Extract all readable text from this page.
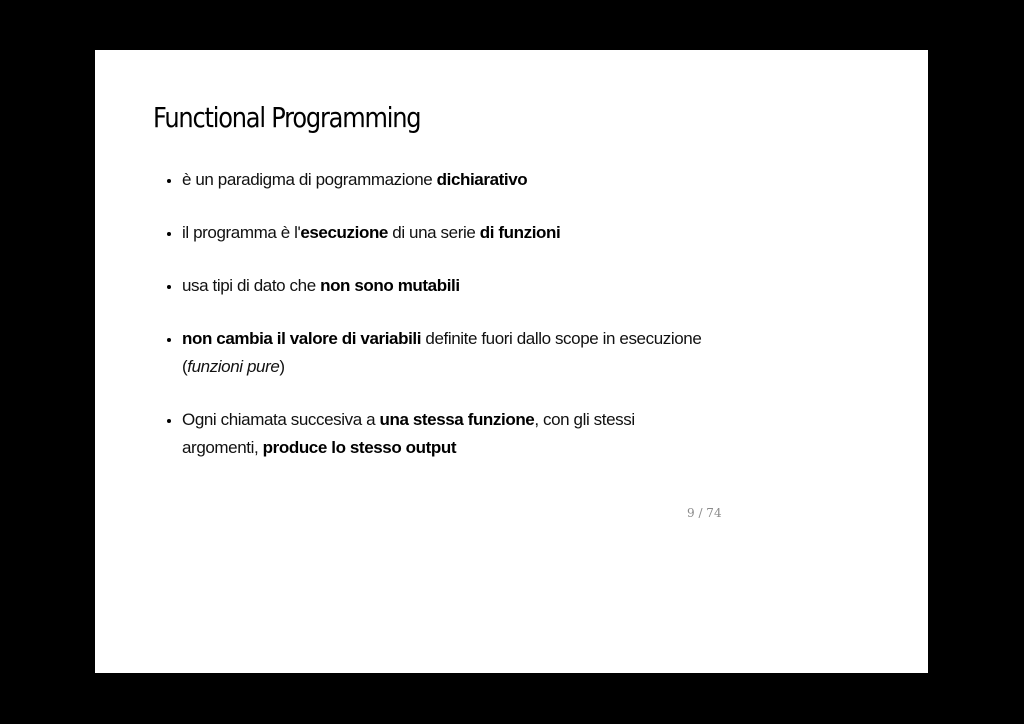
Functional Programming
è un paradigma di pogrammazione dichiarativo
il programma è l'esecuzione di una serie di funzioni
usa tipi di dato che non sono mutabili
non cambia il valore di variabili definite fuori dallo scope in esecuzione (funzioni pure)
Ogni chiamata succesiva a una stessa funzione, con gli stessi argomenti, produce lo stesso output
9 / 74
